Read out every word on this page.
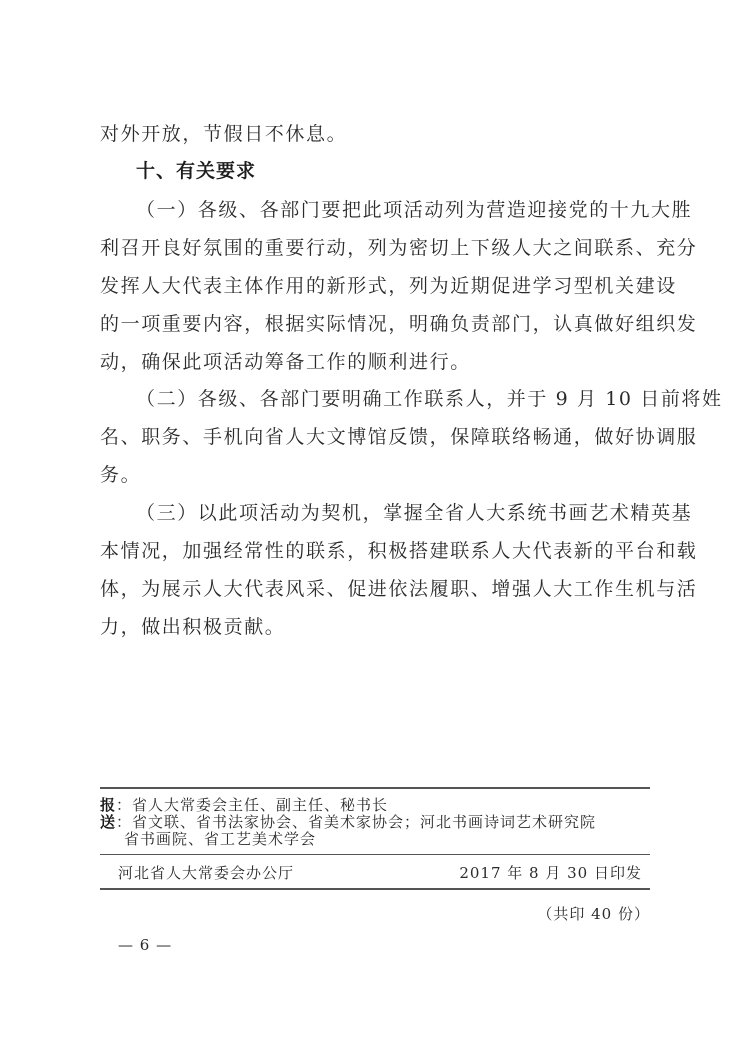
对外开放，节假日不休息。
十、有关要求
（一）各级、各部门要把此项活动列为营造迎接党的十九大胜
利召开良好氛围的重要行动，列为密切上下级人大之间联系、充分
发挥人大代表主体作用的新形式，列为近期促进学习型机关建设
的一项重要内容，根据实际情况，明确负责部门，认真做好组织发
动，确保此项活动筹备工作的顺利进行。
（二）各级、各部门要明确工作联系人，并于 9 月 10 日前将姓
名、职务、手机向省人大文博馆反馈，保障联络畅通，做好协调服
务。
（三）以此项活动为契机，掌握全省人大系统书画艺术精英基
本情况，加强经常性的联系，积极搭建联系人大代表新的平台和载
体，为展示人大代表风采、促进依法履职、增强人大工作生机与活
力，做出积极贡献。
报：省人大常委会主任、副主任、秘书长
送：省文联、省书法家协会、省美术家协会；河北书画诗词艺术研究院
省书画院、省工艺美术学会
河北省人大常委会办公厅	2017 年 8 月 30 日印发
（共印 40 份）
— 6 —
